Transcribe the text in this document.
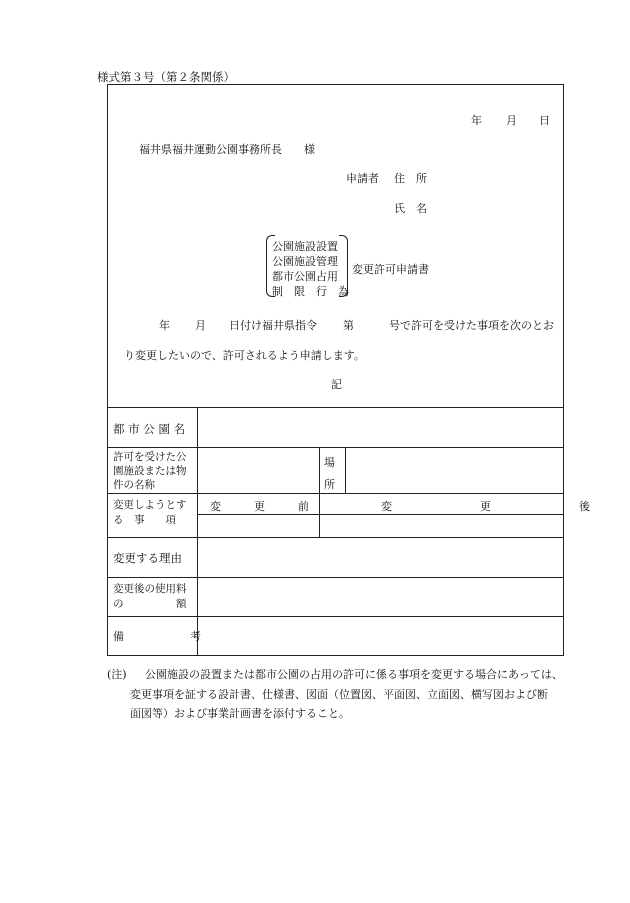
様式第３号（第２条関係）
年 月 日
福井県福井運動公園事務所長　　様
申請者 住　所
氏　名
公園施設設置
公園施設管理
都市公園占用
制　限　行　為
変更許可申請書
年 月 日付け福井県指令 第	号で許可を受けた事項を次のとお
り変更したいので、許可されるよう申請します。
記
都 市 公 園 名
許可を受けた公園施設または物件の名称
場
所
変更しようとする　事　　項
変　　　更　　　前	変　　　　　　　　更　　　　　　　　後
変更する理由
変更後の使用料の　　　　　額
備　　　　　　考
(注) 公園施設の設置または都市公園の占用の許可に係る事項を変更する場合にあっては、
変更事項を証する設計書、仕様書、図面（位置図、平面図、立面図、横写図および断
面図等）および事業計画書を添付すること。
